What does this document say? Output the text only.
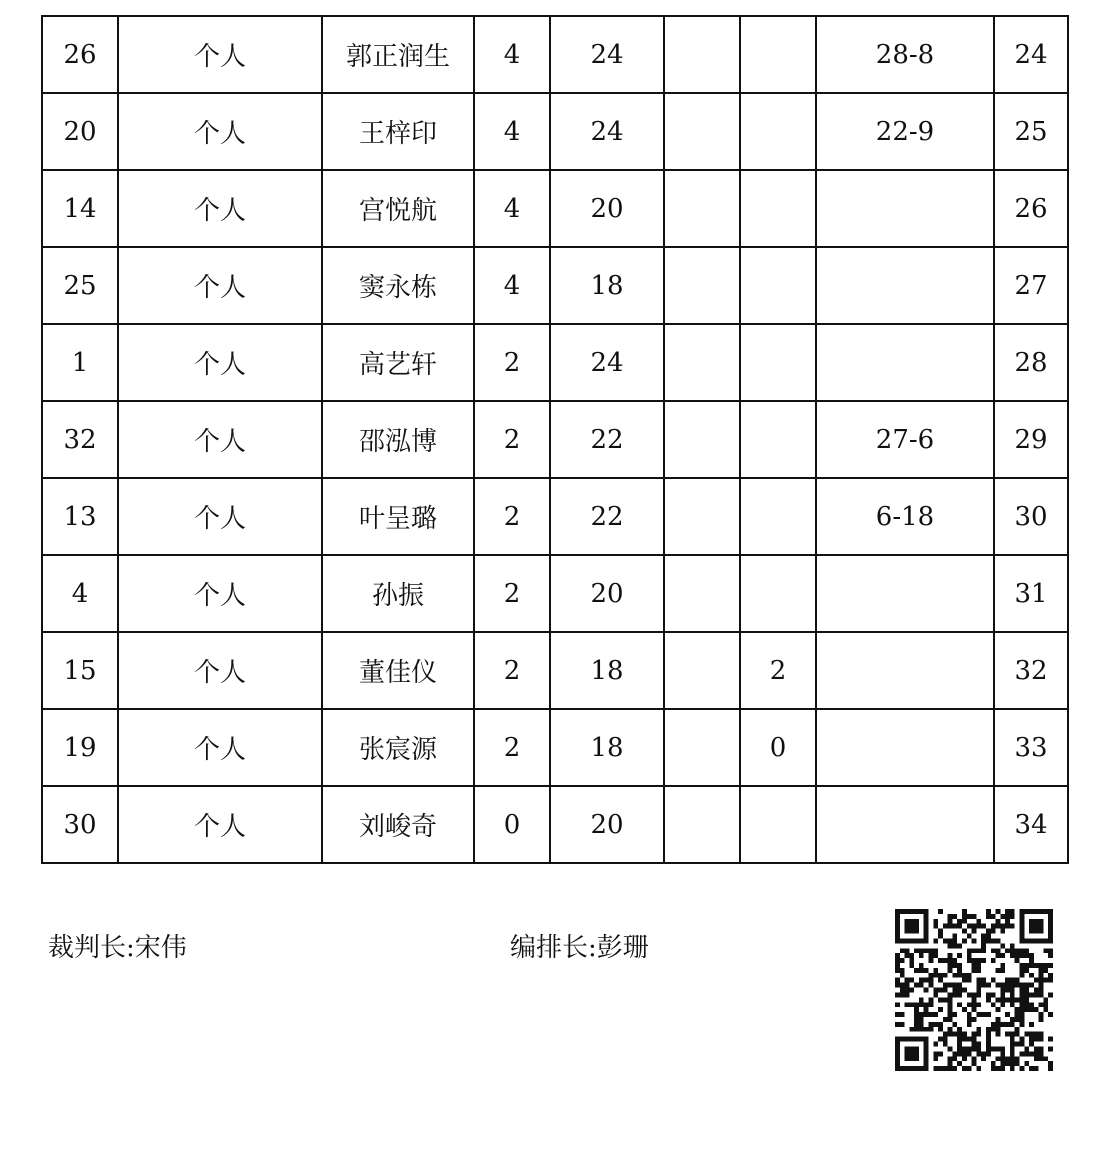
26	个人	郭正润生	4	24			28-8	24
20	个人	王梓印	4	24			22-9	25
14	个人	宫悦航	4	20				26
25	个人	窦永栋	4	18				27
1	个人	高艺轩	2	24				28
32	个人	邵泓博	2	22			27-6	29
13	个人	叶呈璐	2	22			6-18	30
4	个人	孙振	2	20				31
15	个人	董佳仪	2	18		2		32
19	个人	张宸源	2	18		0		33
30	个人	刘峻奇	0	20				34
裁判长:宋伟	编排长:彭珊
